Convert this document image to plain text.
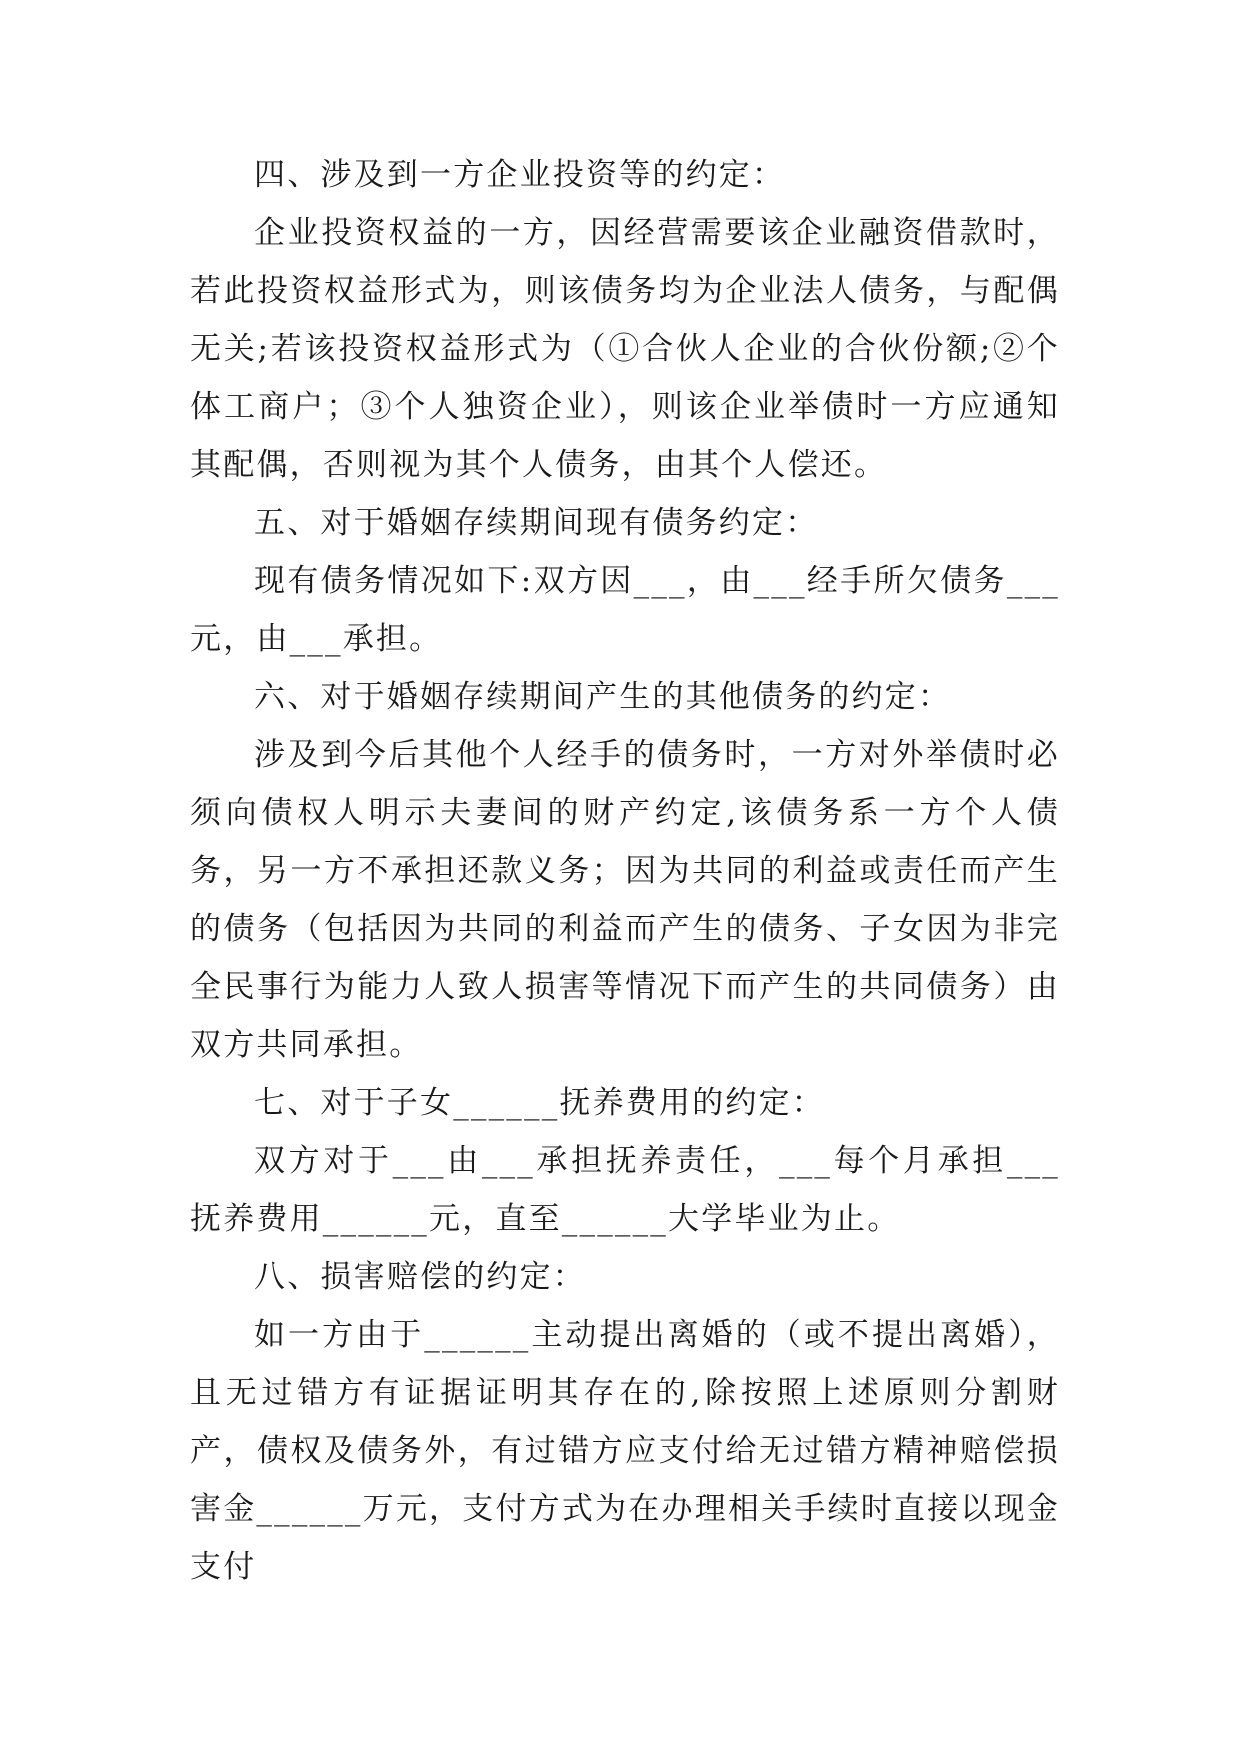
四、涉及到一方企业投资等的约定：

企业投资权益的一方，因经营需要该企业融资借款时，若此投资权益形式为，则该债务均为企业法人债务，与配偶无关;若该投资权益形式为（①合伙人企业的合伙份额;②个体工商户；③个人独资企业），则该企业举债时一方应通知其配偶，否则视为其个人债务，由其个人偿还。

五、对于婚姻存续期间现有债务约定：

现有债务情况如下:双方因___，由___经手所欠债务___元，由___承担。

六、对于婚姻存续期间产生的其他债务的约定：

涉及到今后其他个人经手的债务时，一方对外举债时必须向债权人明示夫妻间的财产约定,该债务系一方个人债务，另一方不承担还款义务；因为共同的利益或责任而产生的债务（包括因为共同的利益而产生的债务、子女因为非完全民事行为能力人致人损害等情况下而产生的共同债务）由双方共同承担。

七、对于子女______抚养费用的约定：

双方对于___由___承担抚养责任，___每个月承担___抚养费用______元，直至______大学毕业为止。

八、损害赔偿的约定：

如一方由于______主动提出离婚的（或不提出离婚），且无过错方有证据证明其存在的,除按照上述原则分割财产，债权及债务外，有过错方应支付给无过错方精神赔偿损害金______万元，支付方式为在办理相关手续时直接以现金支付
